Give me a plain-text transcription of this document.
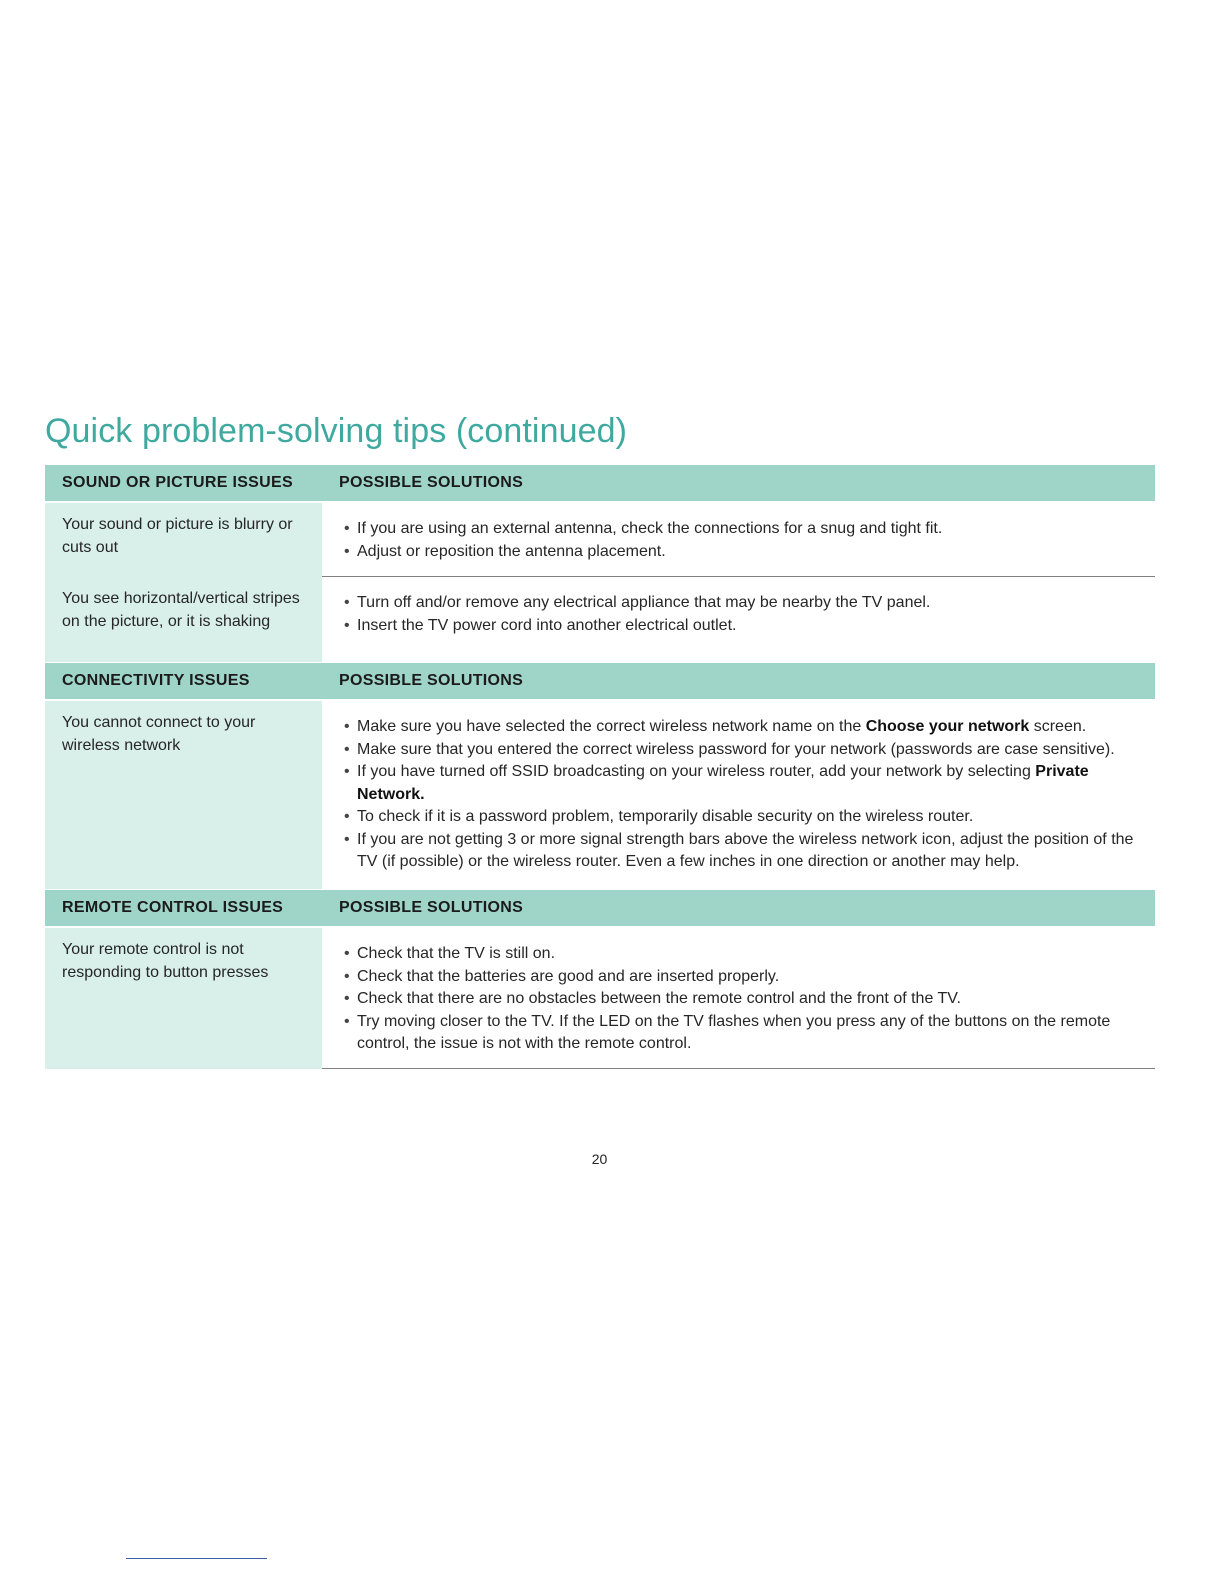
Quick problem-solving tips (continued)
SOUND OR PICTURE ISSUES	POSSIBLE SOLUTIONS
Your sound or picture is blurry or cuts out
• If you are using an external antenna, check the connections for a snug and tight fit.
• Adjust or reposition the antenna placement.
You see horizontal/vertical stripes on the picture, or it is shaking
• Turn off and/or remove any electrical appliance that may be nearby the TV panel.
• Insert the TV power cord into another electrical outlet.
CONNECTIVITY ISSUES	POSSIBLE SOLUTIONS
You cannot connect to your wireless network
• Make sure you have selected the correct wireless network name on the Choose your network screen.
• Make sure that you entered the correct wireless password for your network (passwords are case sensitive).
• If you have turned off SSID broadcasting on your wireless router, add your network by selecting Private Network.
• To check if it is a password problem, temporarily disable security on the wireless router.
• If you are not getting 3 or more signal strength bars above the wireless network icon, adjust the position of the TV (if possible) or the wireless router. Even a few inches in one direction or another may help.
REMOTE CONTROL ISSUES	POSSIBLE SOLUTIONS
Your remote control is not responding to button presses
• Check that the TV is still on.
• Check that the batteries are good and are inserted properly.
• Check that there are no obstacles between the remote control and the front of the TV.
• Try moving closer to the TV. If the LED on the TV flashes when you press any of the buttons on the remote control, the issue is not with the remote control.
20
